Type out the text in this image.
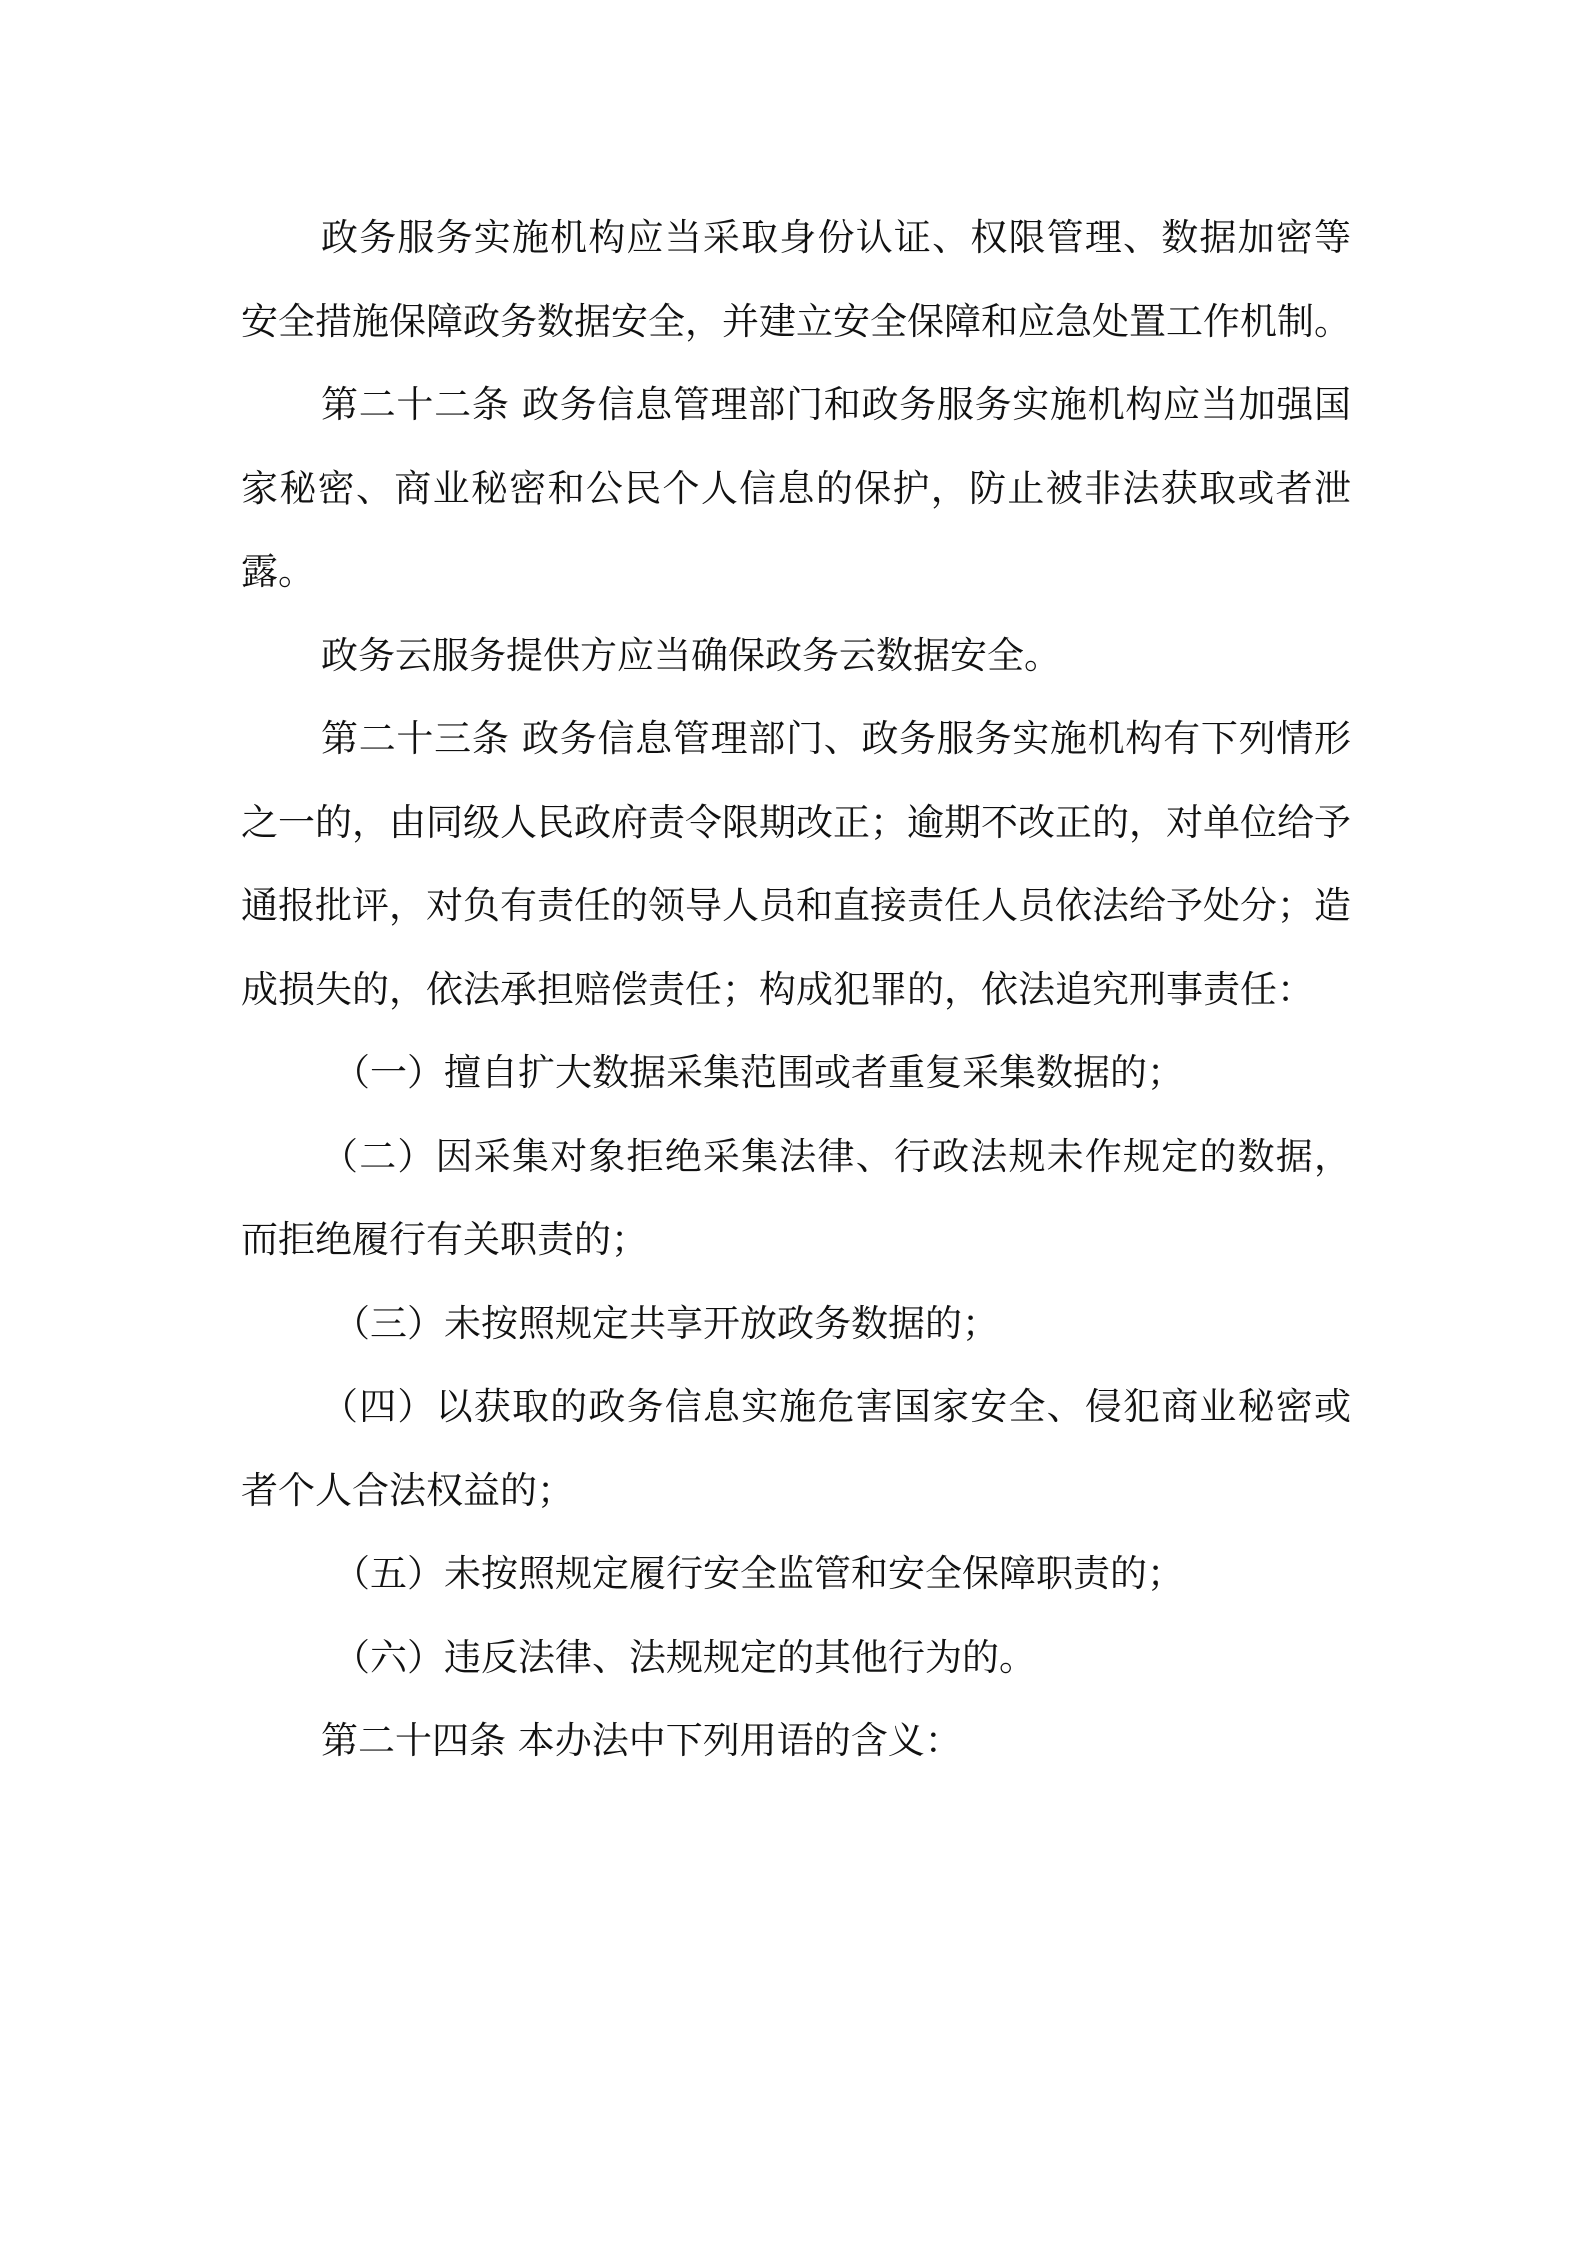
政务服务实施机构应当采取身份认证、权限管理、数据加密等安全措施保障政务数据安全，并建立安全保障和应急处置工作机制。

第二十二条 政务信息管理部门和政务服务实施机构应当加强国家秘密、商业秘密和公民个人信息的保护，防止被非法获取或者泄露。

政务云服务提供方应当确保政务云数据安全。

第二十三条 政务信息管理部门、政务服务实施机构有下列情形之一的，由同级人民政府责令限期改正；逾期不改正的，对单位给予通报批评，对负有责任的领导人员和直接责任人员依法给予处分；造成损失的，依法承担赔偿责任；构成犯罪的，依法追究刑事责任：

（一）擅自扩大数据采集范围或者重复采集数据的；

（二）因采集对象拒绝采集法律、行政法规未作规定的数据，而拒绝履行有关职责的；

（三）未按照规定共享开放政务数据的；

（四）以获取的政务信息实施危害国家安全、侵犯商业秘密或者个人合法权益的；

（五）未按照规定履行安全监管和安全保障职责的；

（六）违反法律、法规规定的其他行为的。

第二十四条 本办法中下列用语的含义：
